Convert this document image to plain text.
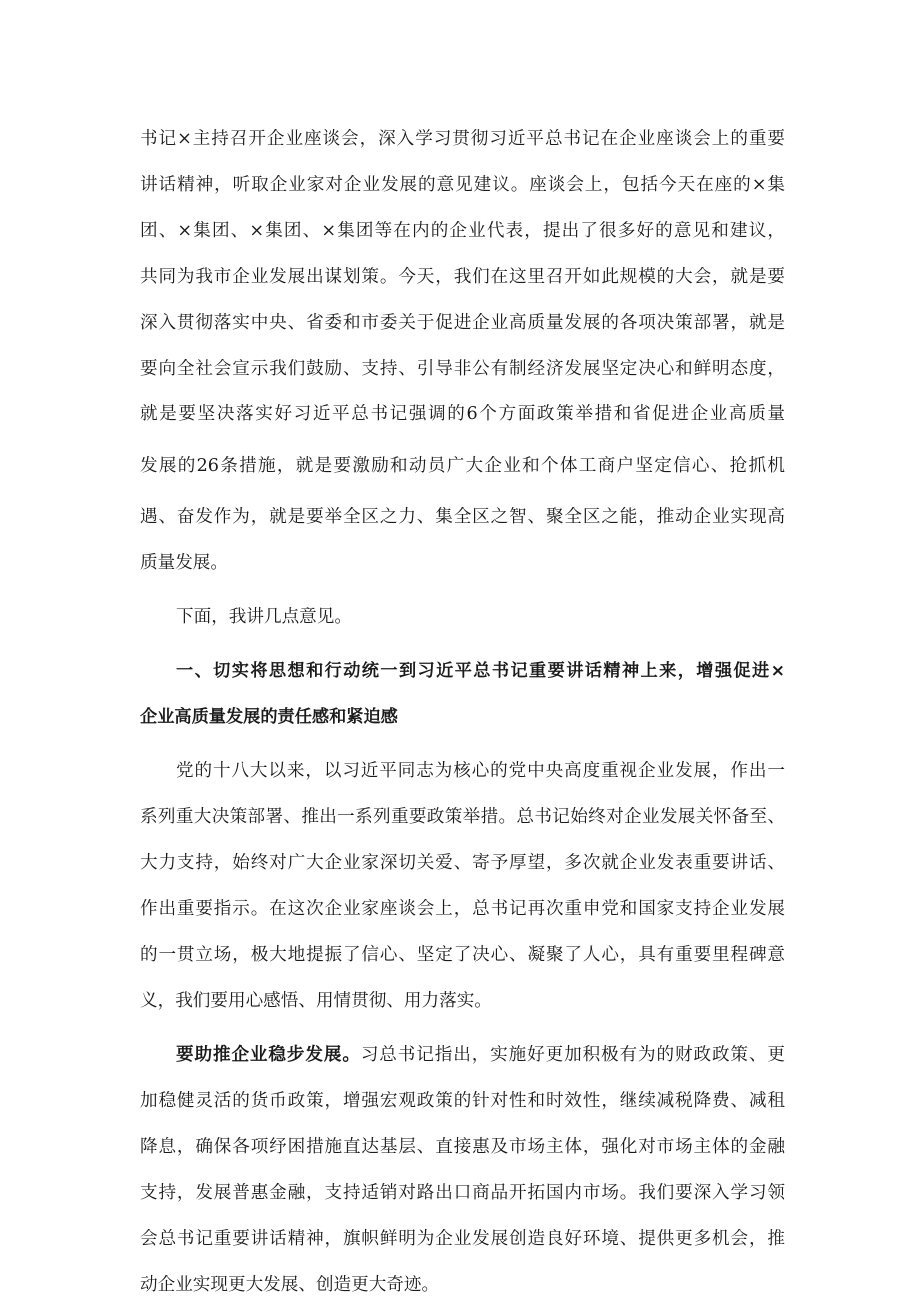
书记×主持召开企业座谈会，深入学习贯彻习近平总书记在企业座谈会上的重要
讲话精神，听取企业家对企业发展的意见建议。座谈会上，包括今天在座的×集
团、×集团、×集团、×集团等在内的企业代表，提出了很多好的意见和建议，
共同为我市企业发展出谋划策。今天，我们在这里召开如此规模的大会，就是要
深入贯彻落实中央、省委和市委关于促进企业高质量发展的各项决策部署，就是
要向全社会宣示我们鼓励、支持、引导非公有制经济发展坚定决心和鲜明态度，
就是要坚决落实好习近平总书记强调的6个方面政策举措和省促进企业高质量
发展的26条措施，就是要激励和动员广大企业和个体工商户坚定信心、抢抓机
遇、奋发作为，就是要举全区之力、集全区之智、聚全区之能，推动企业实现高
质量发展。
下面，我讲几点意见。
一、切实将思想和行动统一到习近平总书记重要讲话精神上来，增强促进×
企业高质量发展的责任感和紧迫感
党的十八大以来，以习近平同志为核心的党中央高度重视企业发展，作出一
系列重大决策部署、推出一系列重要政策举措。总书记始终对企业发展关怀备至、
大力支持，始终对广大企业家深切关爱、寄予厚望，多次就企业发表重要讲话、
作出重要指示。在这次企业家座谈会上，总书记再次重申党和国家支持企业发展
的一贯立场，极大地提振了信心、坚定了决心、凝聚了人心，具有重要里程碑意
义，我们要用心感悟、用情贯彻、用力落实。
要助推企业稳步发展。习总书记指出，实施好更加积极有为的财政政策、更
加稳健灵活的货币政策，增强宏观政策的针对性和时效性，继续减税降费、减租
降息，确保各项纾困措施直达基层、直接惠及市场主体，强化对市场主体的金融
支持，发展普惠金融，支持适销对路出口商品开拓国内市场。我们要深入学习领
会总书记重要讲话精神，旗帜鲜明为企业发展创造良好环境、提供更多机会，推
动企业实现更大发展、创造更大奇迹。
